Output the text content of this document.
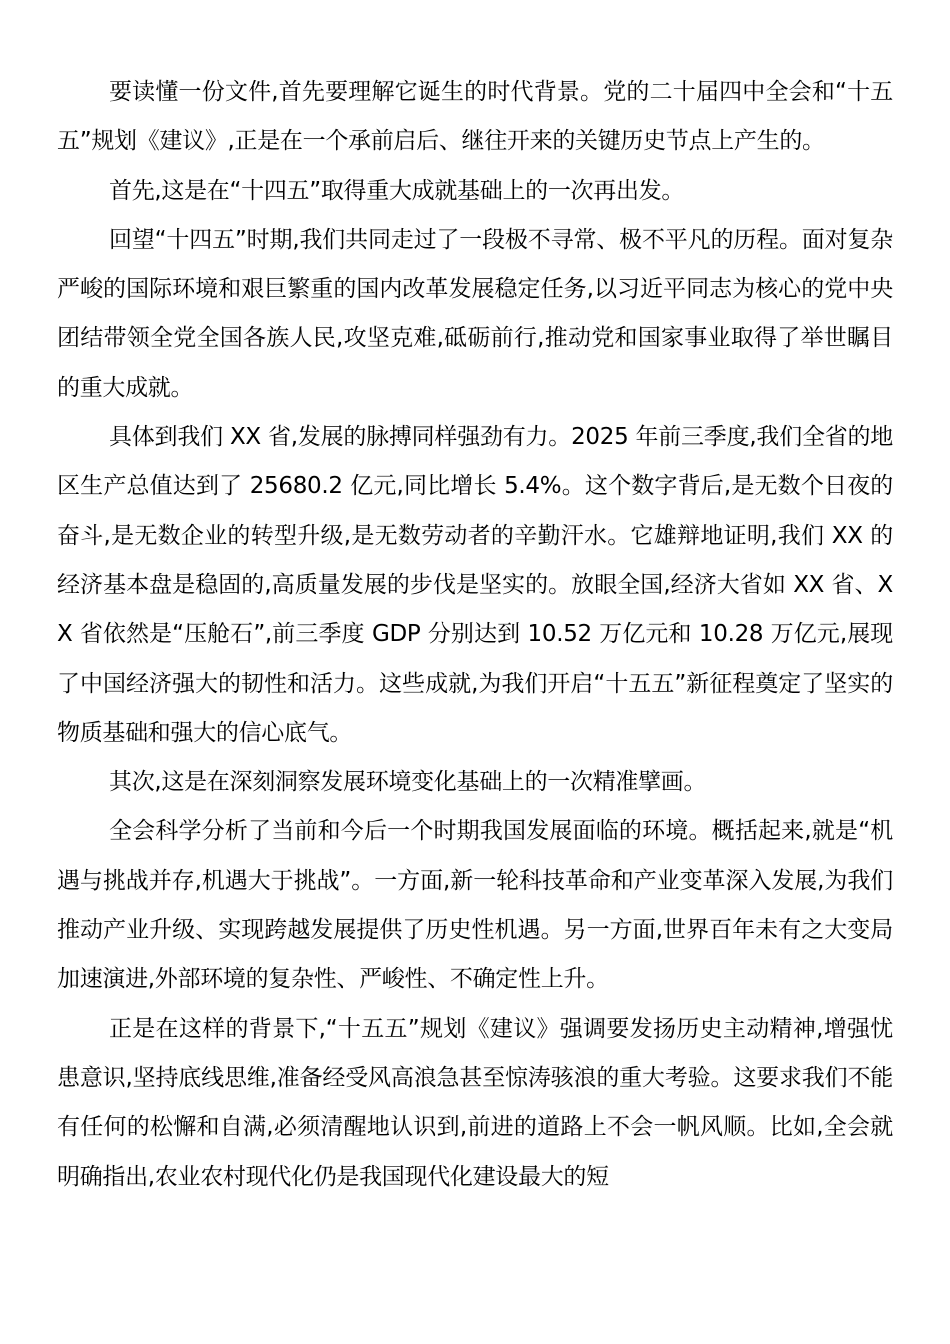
要读懂一份文件,首先要理解它诞生的时代背景。党的二十届四中全会和“十五五”规划《建议》,正是在一个承前启后、继往开来的关键历史节点上产生的。

首先,这是在“十四五”取得重大成就基础上的一次再出发。

回望“十四五”时期,我们共同走过了一段极不寻常、极不平凡的历程。面对复杂严峻的国际环境和艰巨繁重的国内改革发展稳定任务,以习近平同志为核心的党中央团结带领全党全国各族人民,攻坚克难,砥砺前行,推动党和国家事业取得了举世瞩目的重大成就。

具体到我们 XX 省,发展的脉搏同样强劲有力。2025 年前三季度,我们全省的地区生产总值达到了 25680.2 亿元,同比增长 5.4%。这个数字背后,是无数个日夜的奋斗,是无数企业的转型升级,是无数劳动者的辛勤汗水。它雄辩地证明,我们 XX 的经济基本盘是稳固的,高质量发展的步伐是坚实的。放眼全国,经济大省如 XX 省、XX 省依然是“压舱石”,前三季度 GDP 分别达到 10.52 万亿元和 10.28 万亿元,展现了中国经济强大的韧性和活力。这些成就,为我们开启“十五五”新征程奠定了坚实的物质基础和强大的信心底气。

其次,这是在深刻洞察发展环境变化基础上的一次精准擘画。

全会科学分析了当前和今后一个时期我国发展面临的环境。概括起来,就是“机遇与挑战并存,机遇大于挑战”。一方面,新一轮科技革命和产业变革深入发展,为我们推动产业升级、实现跨越发展提供了历史性机遇。另一方面,世界百年未有之大变局加速演进,外部环境的复杂性、严峻性、不确定性上升。

正是在这样的背景下,“十五五”规划《建议》强调要发扬历史主动精神,增强忧患意识,坚持底线思维,准备经受风高浪急甚至惊涛骇浪的重大考验。这要求我们不能有任何的松懈和自满,必须清醒地认识到,前进的道路上不会一帆风顺。比如,全会就明确指出,农业农村现代化仍是我国现代化建设最大的短
